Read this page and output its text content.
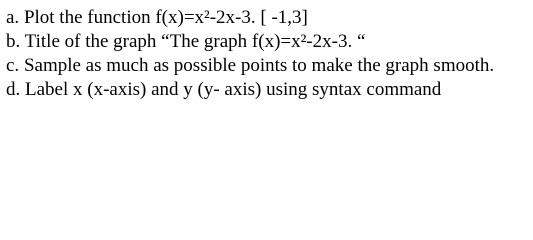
a. Plot the function f(x)=x²-2x-3. [ -1,3]
b. Title of the graph “The graph f(x)=x²-2x-3. “
c. Sample as much as possible points to make the graph smooth.
d. Label x (x-axis) and y (y- axis) using syntax command
